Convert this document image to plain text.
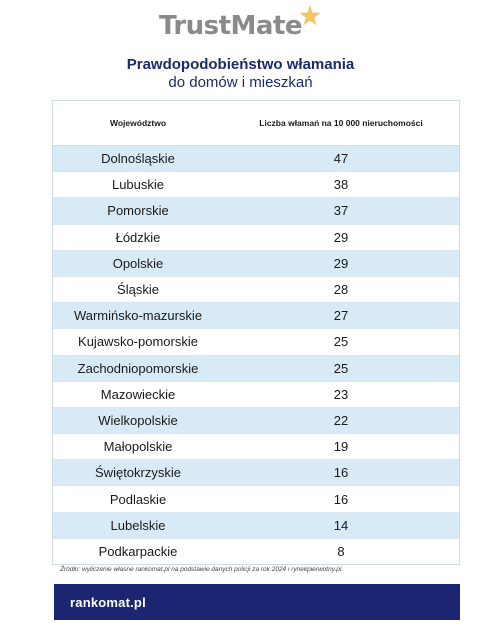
TrustMate
Prawdopodobieństwo włamania
do domów i mieszkań
Województwo	Liczba włamań na 10 000 nieruchomości
Dolnośląskie	47
Lubuskie	38
Pomorskie	37
Łódzkie	29
Opolskie	29
Śląskie	28
Warmińsko-mazurskie	27
Kujawsko-pomorskie	25
Zachodniopomorskie	25
Mazowieckie	23
Wielkopolskie	22
Małopolskie	19
Świętokrzyskie	16
Podlaskie	16
Lubelskie	14
Podkarpackie	8
Źródło: wyliczenie własne rankomat.pl na podstawie danych policji za rok 2024 i rynekpierwotny.pl.
rankomat.pl
